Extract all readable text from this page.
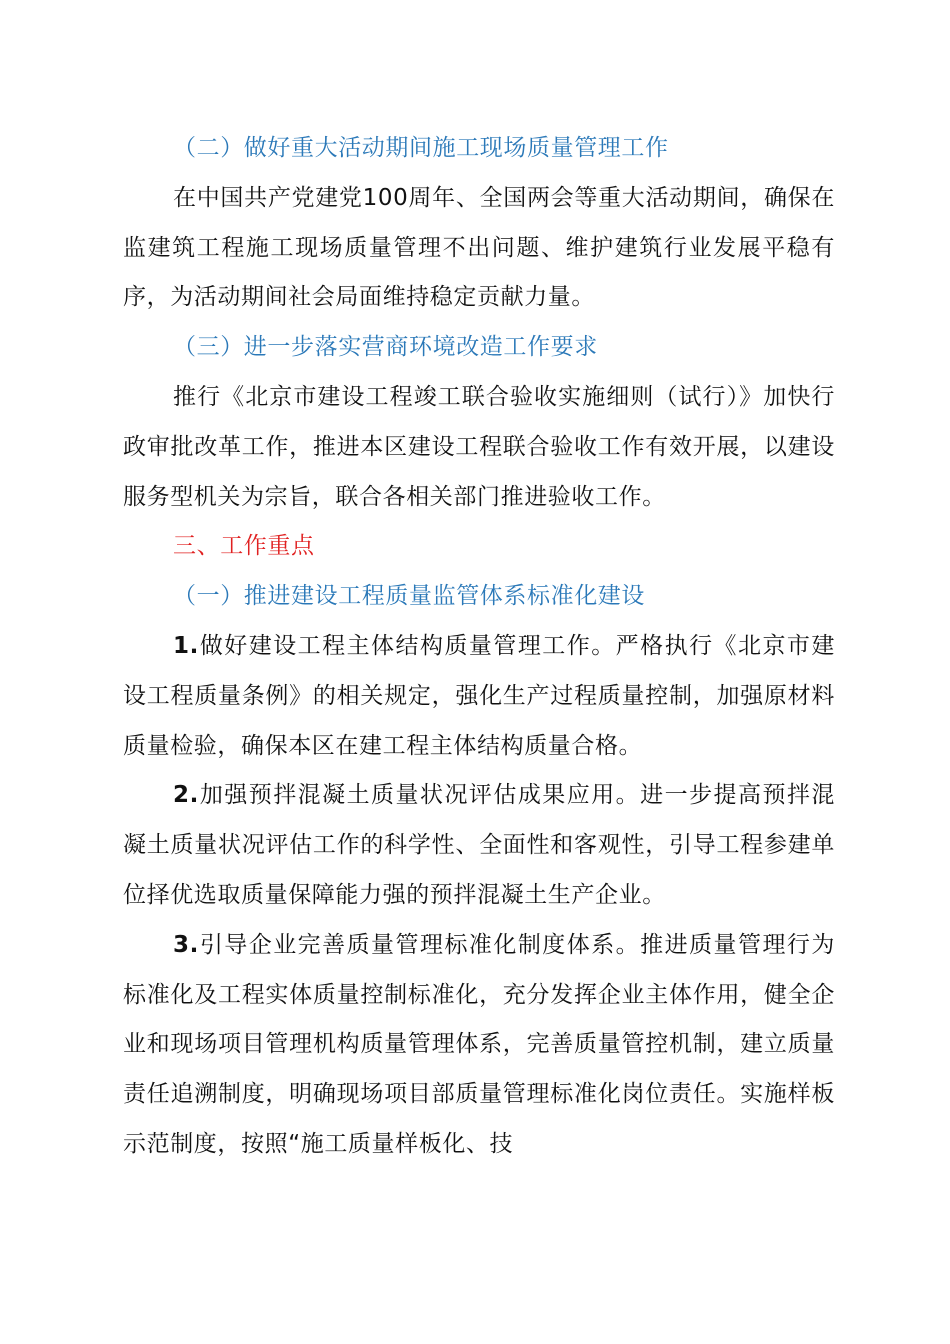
（二）做好重大活动期间施工现场质量管理工作

在中国共产党建党100周年、全国两会等重大活动期间，确保在监建筑工程施工现场质量管理不出问题、维护建筑行业发展平稳有序，为活动期间社会局面维持稳定贡献力量。

（三）进一步落实营商环境改造工作要求

推行《北京市建设工程竣工联合验收实施细则（试行）》加快行政审批改革工作，推进本区建设工程联合验收工作有效开展，以建设服务型机关为宗旨，联合各相关部门推进验收工作。

三、工作重点

（一）推进建设工程质量监管体系标准化建设

1.做好建设工程主体结构质量管理工作。严格执行《北京市建设工程质量条例》的相关规定，强化生产过程质量控制，加强原材料质量检验，确保本区在建工程主体结构质量合格。

2.加强预拌混凝土质量状况评估成果应用。进一步提高预拌混凝土质量状况评估工作的科学性、全面性和客观性，引导工程参建单位择优选取质量保障能力强的预拌混凝土生产企业。

3.引导企业完善质量管理标准化制度体系。推进质量管理行为标准化及工程实体质量控制标准化，充分发挥企业主体作用，健全企业和现场项目管理机构质量管理体系，完善质量管控机制，建立质量责任追溯制度，明确现场项目部质量管理标准化岗位责任。实施样板示范制度，按照“施工质量样板化、技
